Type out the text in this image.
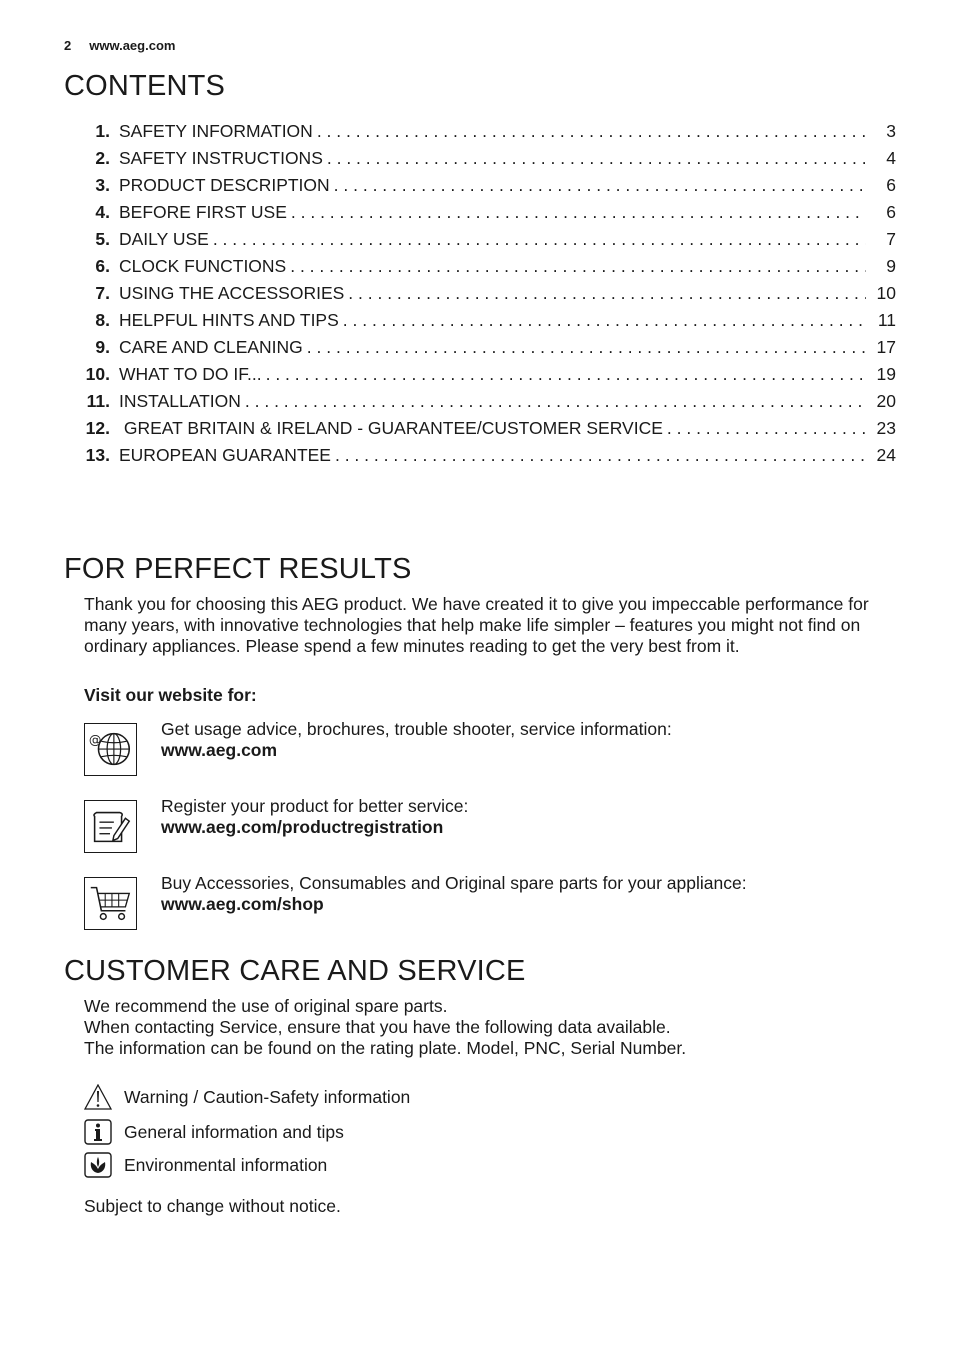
2 www.aeg.com
CONTENTS
1. SAFETY INFORMATION . . .	3
2. SAFETY INSTRUCTIONS . . .	4
3. PRODUCT DESCRIPTION . . .	6
4. BEFORE FIRST USE . . .	6
5. DAILY USE . . .	7
6. CLOCK FUNCTIONS . . .	9
7. USING THE ACCESSORIES . . .	10
8. HELPFUL HINTS AND TIPS . . .	11
9. CARE AND CLEANING . . .	17
10. WHAT TO DO IF... . . .	19
11. INSTALLATION . . .	20
12. GREAT BRITAIN & IRELAND - GUARANTEE/CUSTOMER SERVICE . . .	23
13. EUROPEAN GUARANTEE . . .	24
FOR PERFECT RESULTS

Thank you for choosing this AEG product. We have created it to give you impeccable performance for many years, with innovative technologies that help make life simpler – features you might not find on ordinary appliances. Please spend a few minutes reading to get the very best from it.

Visit our website for:

@
Get usage advice, brochures, trouble shooter, service information:
www.aeg.com
Register your product for better service:
www.aeg.com/productregistration
Buy Accessories, Consumables and Original spare parts for your appliance:
www.aeg.com/shop
CUSTOMER CARE AND SERVICE
We recommend the use of original spare parts.
When contacting Service, ensure that you have the following data available.
The information can be found on the rating plate. Model, PNC, Serial Number.
Warning / Caution-Safety information
General information and tips
Environmental information

Subject to change without notice.
